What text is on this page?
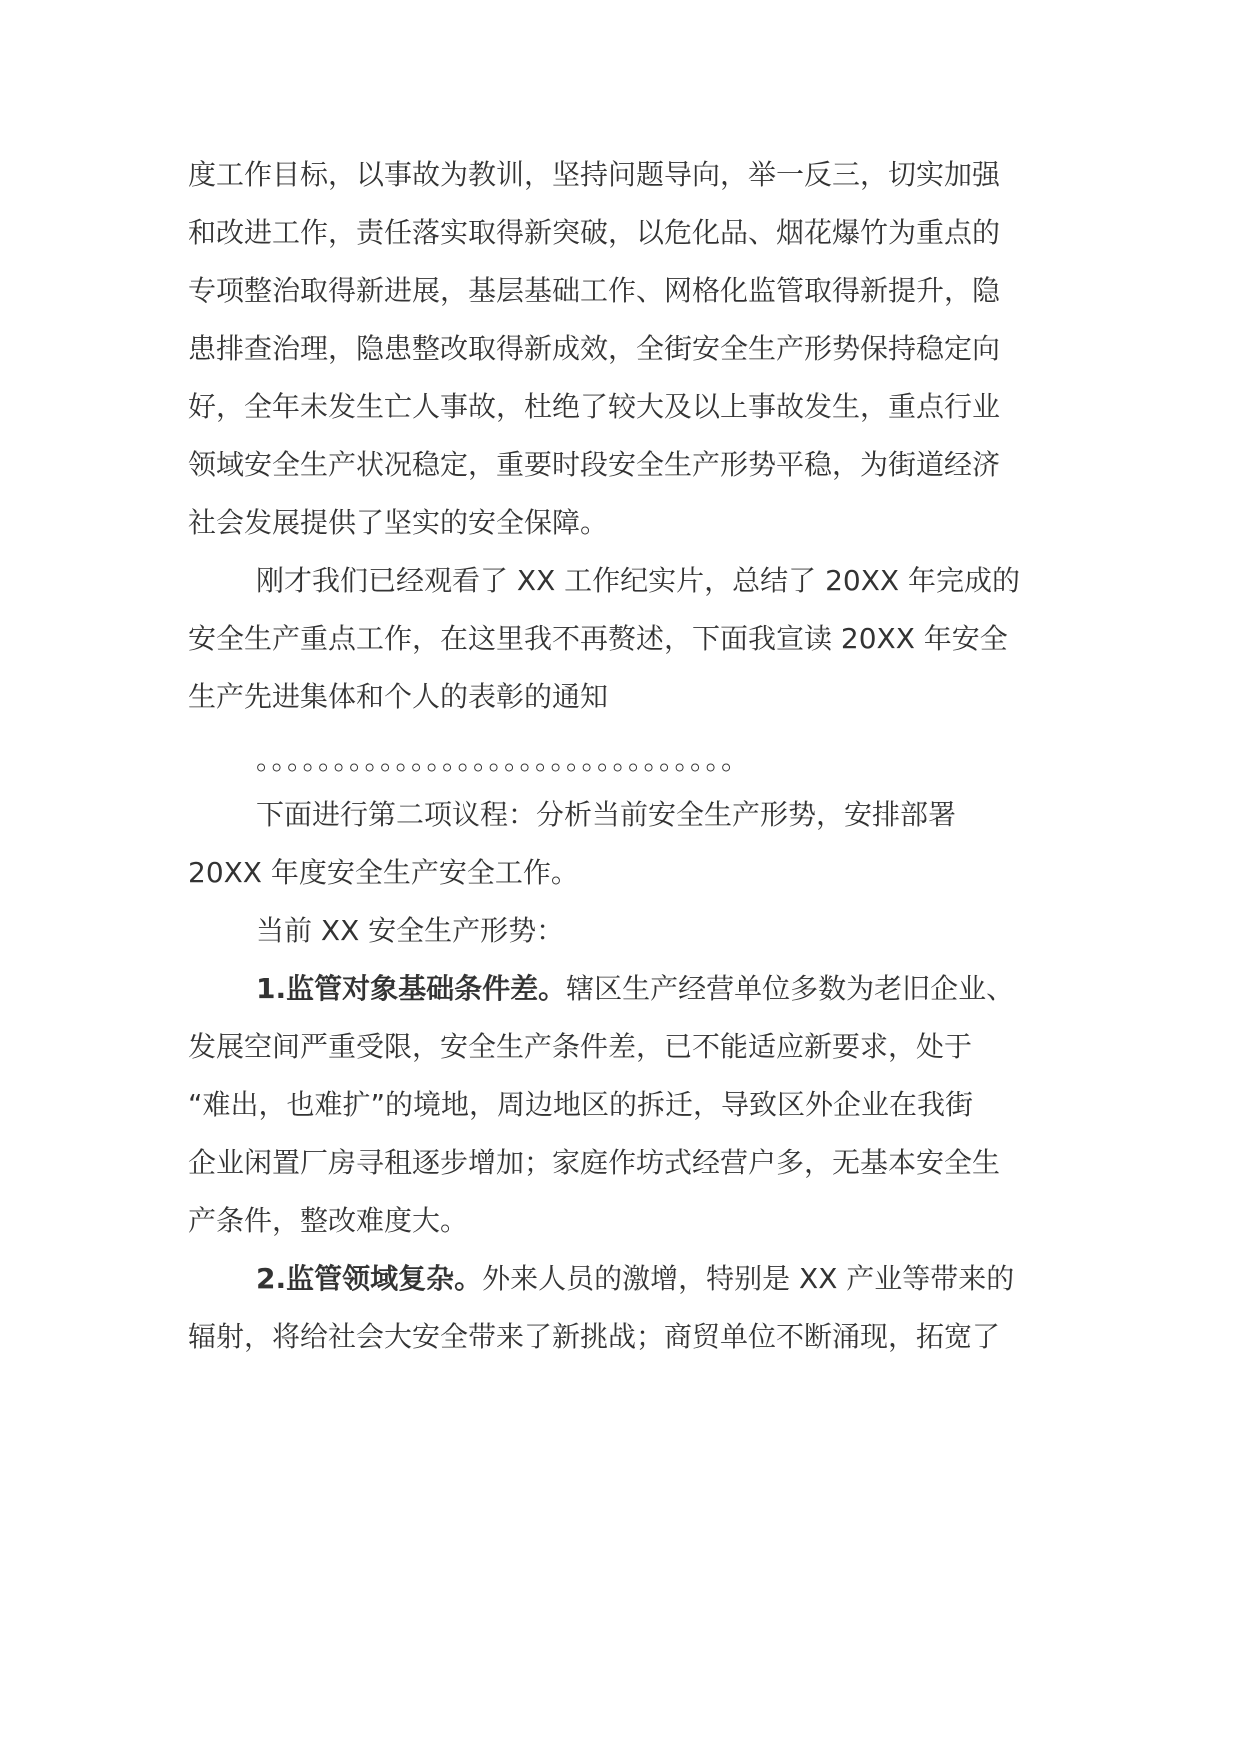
度工作目标，以事故为教训，坚持问题导向，举一反三，切实加强
和改进工作，责任落实取得新突破，以危化品、烟花爆竹为重点的
专项整治取得新进展，基层基础工作、网格化监管取得新提升，隐
患排查治理，隐患整改取得新成效，全街安全生产形势保持稳定向
好，全年未发生亡人事故，杜绝了较大及以上事故发生，重点行业
领域安全生产状况稳定，重要时段安全生产形势平稳，为街道经济
社会发展提供了坚实的安全保障。
刚才我们已经观看了 XX 工作纪实片，总结了 20XX 年完成的
安全生产重点工作，在这里我不再赘述，下面我宣读 20XX 年安全
生产先进集体和个人的表彰的通知
。。。。。。。。。。。。。。。。。。。。。。。。。。。。。。。
下面进行第二项议程：分析当前安全生产形势，安排部署
20XX 年度安全生产安全工作。
当前 XX 安全生产形势：
1.监管对象基础条件差。辖区生产经营单位多数为老旧企业、
发展空间严重受限，安全生产条件差，已不能适应新要求，处于
“难出，也难扩”的境地，周边地区的拆迁，导致区外企业在我街
企业闲置厂房寻租逐步增加；家庭作坊式经营户多，无基本安全生
产条件，整改难度大。
2.监管领域复杂。外来人员的激增，特别是 XX 产业等带来的
辐射，将给社会大安全带来了新挑战；商贸单位不断涌现，拓宽了
